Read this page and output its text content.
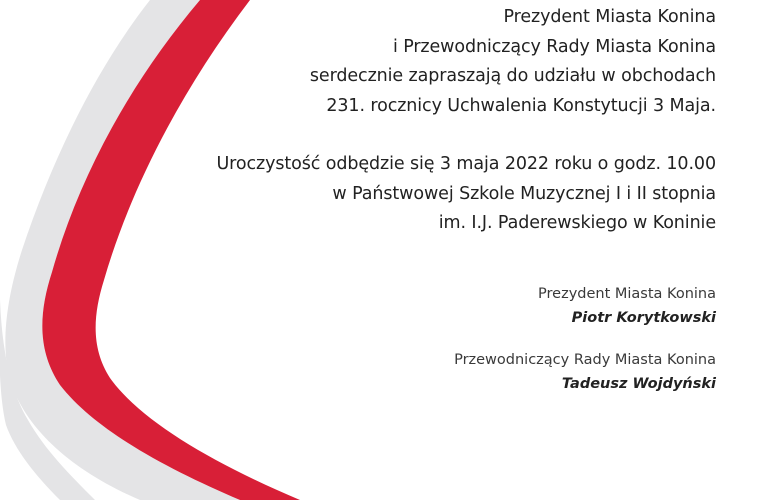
Prezydent Miasta Konina
i Przewodniczący Rady Miasta Konina
serdecznie zapraszają do udziału w obchodach
231. rocznicy Uchwalenia Konstytucji 3 Maja.
Uroczystość odbędzie się 3 maja 2022 roku o godz. 10.00
w Państwowej Szkole Muzycznej I i II stopnia
im. I.J. Paderewskiego w Koninie
Prezydent Miasta Konina
Piotr Korytkowski
Przewodniczący Rady Miasta Konina
Tadeusz Wojdyński
